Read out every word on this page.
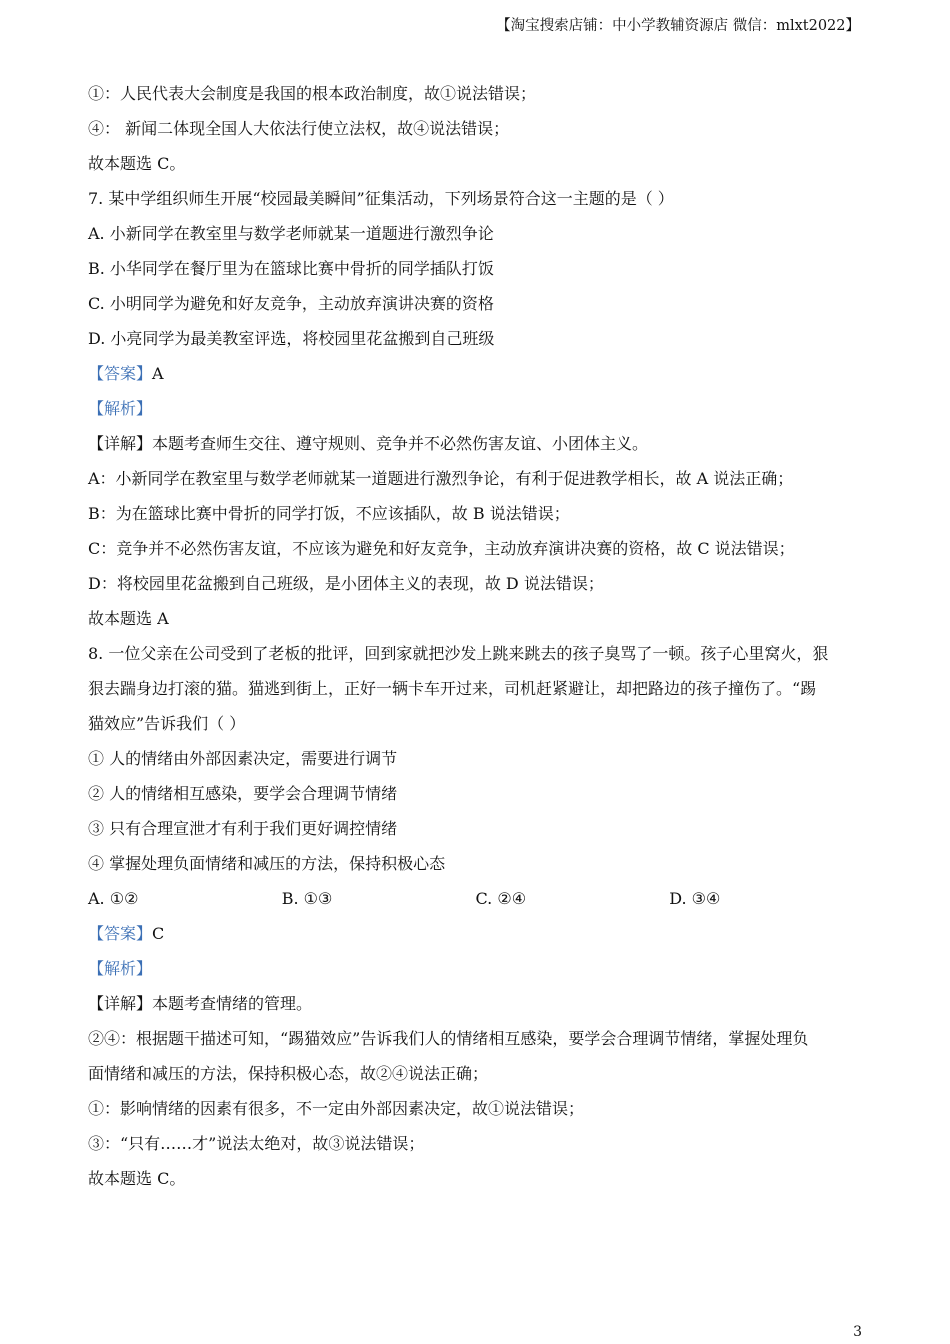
【淘宝搜索店铺：中小学教辅资源店 微信：mlxt2022】
①：人民代表大会制度是我国的根本政治制度，故①说法错误；
④： 新闻二体现全国人大依法行使立法权，故④说法错误；
故本题选 C。
7. 某中学组织师生开展“校园最美瞬间”征集活动，下列场景符合这一主题的是（ ）
A. 小新同学在教室里与数学老师就某一道题进行激烈争论
B. 小华同学在餐厅里为在篮球比赛中骨折的同学插队打饭
C. 小明同学为避免和好友竞争，主动放弃演讲决赛的资格
D. 小亮同学为最美教室评选，将校园里花盆搬到自己班级
【答案】A
【解析】
【详解】本题考查师生交往、遵守规则、竞争并不必然伤害友谊、小团体主义。
A：小新同学在教室里与数学老师就某一道题进行激烈争论，有利于促进教学相长，故 A 说法正确；
B：为在篮球比赛中骨折的同学打饭，不应该插队，故 B 说法错误；
C：竞争并不必然伤害友谊，不应该为避免和好友竞争，主动放弃演讲决赛的资格，故 C 说法错误；
D：将校园里花盆搬到自己班级，是小团体主义的表现，故 D 说法错误；
故本题选 A
8. 一位父亲在公司受到了老板的批评，回到家就把沙发上跳来跳去的孩子臭骂了一顿。孩子心里窝火，狠
狠去踹身边打滚的猫。猫逃到街上，正好一辆卡车开过来，司机赶紧避让，却把路边的孩子撞伤了。“踢
猫效应”告诉我们（ ）
① 人的情绪由外部因素决定，需要进行调节
② 人的情绪相互感染，要学会合理调节情绪
③ 只有合理宣泄才有利于我们更好调控情绪
④ 掌握处理负面情绪和减压的方法，保持积极心态
A. ①②	B. ①③	C. ②④	D. ③④
【答案】C
【解析】
【详解】本题考查情绪的管理。
②④：根据题干描述可知，“踢猫效应”告诉我们人的情绪相互感染，要学会合理调节情绪，掌握处理负
面情绪和减压的方法，保持积极心态，故②④说法正确；
①：影响情绪的因素有很多，不一定由外部因素决定，故①说法错误；
③：“只有……才”说法太绝对，故③说法错误；
故本题选 C。
3
